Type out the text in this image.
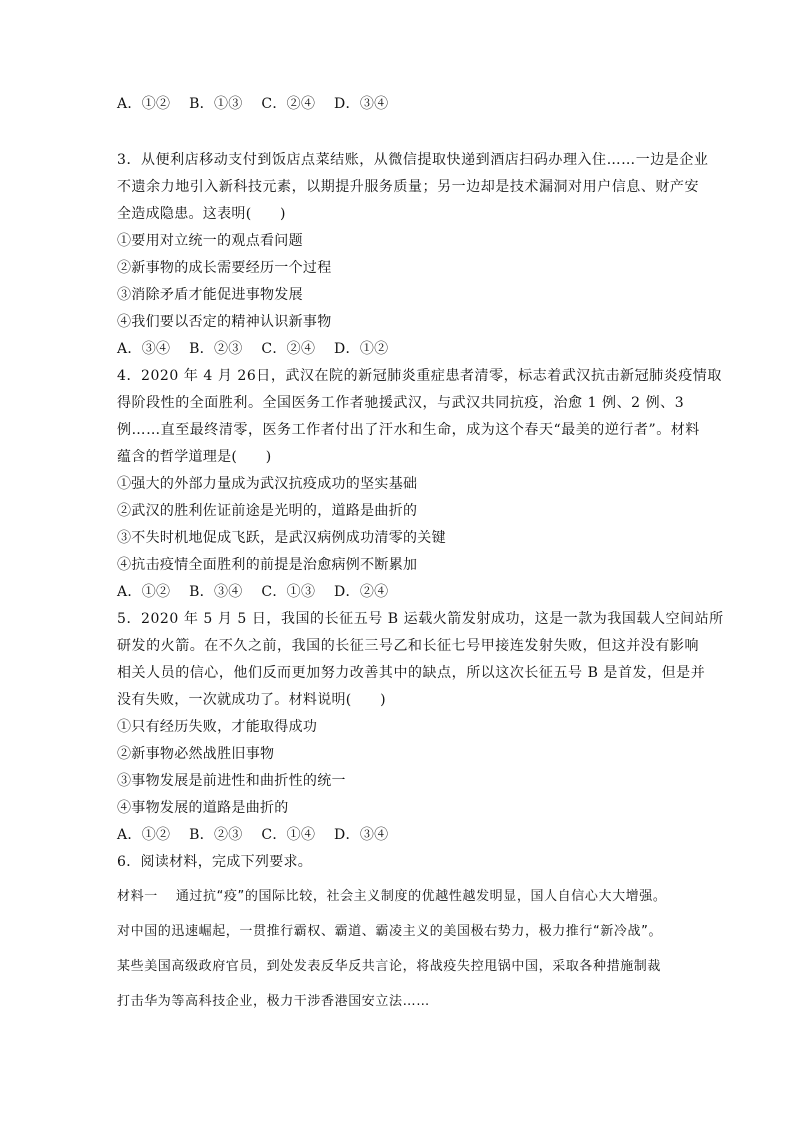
A．①② B．①③ C．②④ D．③④
3．从便利店移动支付到饭店点菜结账，从微信提取快递到酒店扫码办理入住……一边是企业
不遗余力地引入新科技元素，以期提升服务质量；另一边却是技术漏洞对用户信息、财产安
全造成隐患。这表明(　　)
①要用对立统一的观点看问题
②新事物的成长需要经历一个过程
③消除矛盾才能促进事物发展
④我们要以否定的精神认识新事物
A．③④ B．②③ C．②④ D．①②
4．2020 年 4 月 26日，武汉在院的新冠肺炎重症患者清零，标志着武汉抗击新冠肺炎疫情取
得阶段性的全面胜利。全国医务工作者驰援武汉，与武汉共同抗疫，治愈 1 例、2 例、3
例……直至最终清零，医务工作者付出了汗水和生命，成为这个春天“最美的逆行者”。材料
蕴含的哲学道理是(　　)
①强大的外部力量成为武汉抗疫成功的坚实基础
②武汉的胜利佐证前途是光明的，道路是曲折的
③不失时机地促成飞跃，是武汉病例成功清零的关键
④抗击疫情全面胜利的前提是治愈病例不断累加
A．①② B．③④ C．①③ D．②④
5．2020 年 5 月 5 日，我国的长征五号 B 运载火箭发射成功，这是一款为我国载人空间站所
研发的火箭。在不久之前，我国的长征三号乙和长征七号甲接连发射失败，但这并没有影响
相关人员的信心，他们反而更加努力改善其中的缺点，所以这次长征五号 B 是首发，但是并
没有失败，一次就成功了。材料说明(　　)
①只有经历失败，才能取得成功
②新事物必然战胜旧事物
③事物发展是前进性和曲折性的统一
④事物发展的道路是曲折的
A．①② B．②③ C．①④ D．③④
6．阅读材料，完成下列要求。
材料一 通过抗“疫”的国际比较，社会主义制度的优越性越发明显，国人自信心大大增强。
对中国的迅速崛起，一贯推行霸权、霸道、霸凌主义的美国极右势力，极力推行“新冷战”。
某些美国高级政府官员，到处发表反华反共言论，将战疫失控甩锅中国，采取各种措施制裁
打击华为等高科技企业，极力干涉香港国安立法……
